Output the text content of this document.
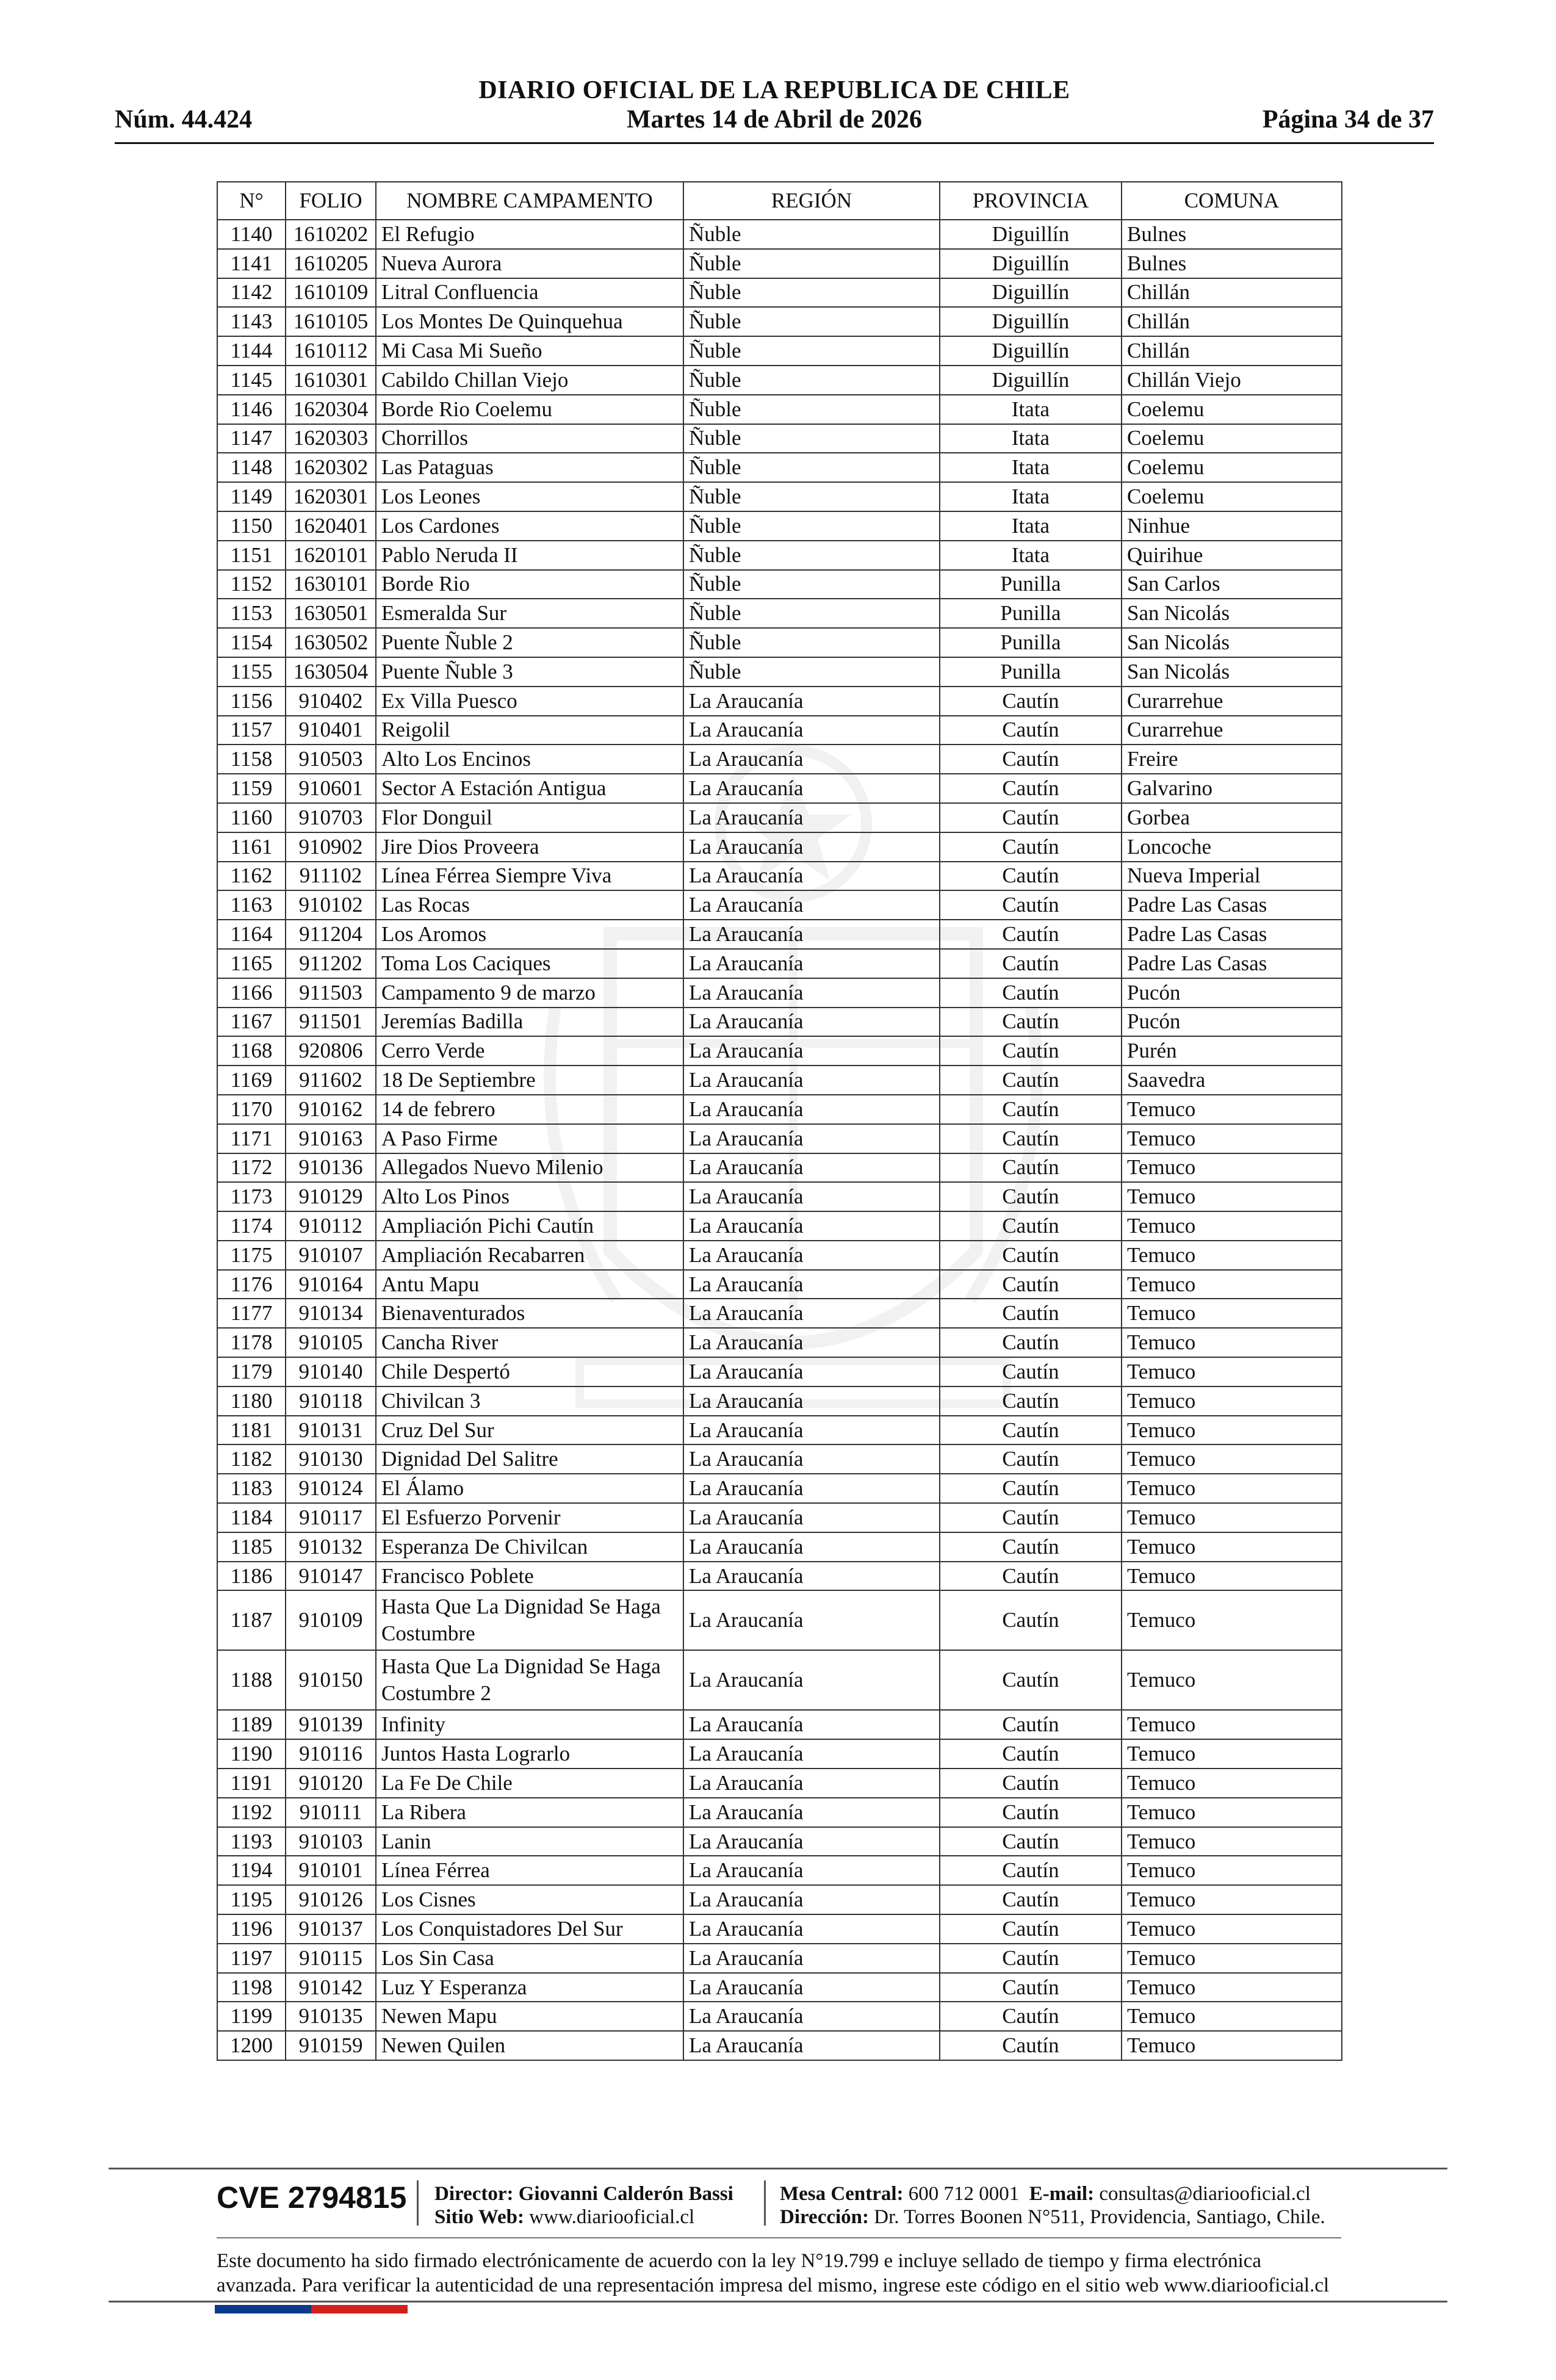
DIARIO OFICIAL DE LA REPUBLICA DE CHILE
Núm. 44.424	Martes 14 de Abril de 2026	Página 34 de 37
N°	FOLIO	NOMBRE CAMPAMENTO	REGIÓN	PROVINCIA	COMUNA
1140	1610202	El Refugio	Ñuble	Diguillín	Bulnes
1141	1610205	Nueva Aurora	Ñuble	Diguillín	Bulnes
1142	1610109	Litral Confluencia	Ñuble	Diguillín	Chillán
1143	1610105	Los Montes De Quinquehua	Ñuble	Diguillín	Chillán
1144	1610112	Mi Casa Mi Sueño	Ñuble	Diguillín	Chillán
1145	1610301	Cabildo Chillan Viejo	Ñuble	Diguillín	Chillán Viejo
1146	1620304	Borde Rio Coelemu	Ñuble	Itata	Coelemu
1147	1620303	Chorrillos	Ñuble	Itata	Coelemu
1148	1620302	Las Pataguas	Ñuble	Itata	Coelemu
1149	1620301	Los Leones	Ñuble	Itata	Coelemu
1150	1620401	Los Cardones	Ñuble	Itata	Ninhue
1151	1620101	Pablo Neruda II	Ñuble	Itata	Quirihue
1152	1630101	Borde Rio	Ñuble	Punilla	San Carlos
1153	1630501	Esmeralda Sur	Ñuble	Punilla	San Nicolás
1154	1630502	Puente Ñuble 2	Ñuble	Punilla	San Nicolás
1155	1630504	Puente Ñuble 3	Ñuble	Punilla	San Nicolás
1156	910402	Ex Villa Puesco	La Araucanía	Cautín	Curarrehue
1157	910401	Reigolil	La Araucanía	Cautín	Curarrehue
1158	910503	Alto Los Encinos	La Araucanía	Cautín	Freire
1159	910601	Sector A Estación Antigua	La Araucanía	Cautín	Galvarino
1160	910703	Flor Donguil	La Araucanía	Cautín	Gorbea
1161	910902	Jire Dios Proveera	La Araucanía	Cautín	Loncoche
1162	911102	Línea Férrea Siempre Viva	La Araucanía	Cautín	Nueva Imperial
1163	910102	Las Rocas	La Araucanía	Cautín	Padre Las Casas
1164	911204	Los Aromos	La Araucanía	Cautín	Padre Las Casas
1165	911202	Toma Los Caciques	La Araucanía	Cautín	Padre Las Casas
1166	911503	Campamento 9 de marzo	La Araucanía	Cautín	Pucón
1167	911501	Jeremías Badilla	La Araucanía	Cautín	Pucón
1168	920806	Cerro Verde	La Araucanía	Cautín	Purén
1169	911602	18 De Septiembre	La Araucanía	Cautín	Saavedra
1170	910162	14 de febrero	La Araucanía	Cautín	Temuco
1171	910163	A Paso Firme	La Araucanía	Cautín	Temuco
1172	910136	Allegados Nuevo Milenio	La Araucanía	Cautín	Temuco
1173	910129	Alto Los Pinos	La Araucanía	Cautín	Temuco
1174	910112	Ampliación Pichi Cautín	La Araucanía	Cautín	Temuco
1175	910107	Ampliación Recabarren	La Araucanía	Cautín	Temuco
1176	910164	Antu Mapu	La Araucanía	Cautín	Temuco
1177	910134	Bienaventurados	La Araucanía	Cautín	Temuco
1178	910105	Cancha River	La Araucanía	Cautín	Temuco
1179	910140	Chile Despertó	La Araucanía	Cautín	Temuco
1180	910118	Chivilcan 3	La Araucanía	Cautín	Temuco
1181	910131	Cruz Del Sur	La Araucanía	Cautín	Temuco
1182	910130	Dignidad Del Salitre	La Araucanía	Cautín	Temuco
1183	910124	El Álamo	La Araucanía	Cautín	Temuco
1184	910117	El Esfuerzo Porvenir	La Araucanía	Cautín	Temuco
1185	910132	Esperanza De Chivilcan	La Araucanía	Cautín	Temuco
1186	910147	Francisco Poblete	La Araucanía	Cautín	Temuco
1187	910109	Hasta Que La Dignidad Se Haga Costumbre	La Araucanía	Cautín	Temuco
1188	910150	Hasta Que La Dignidad Se Haga Costumbre 2	La Araucanía	Cautín	Temuco
1189	910139	Infinity	La Araucanía	Cautín	Temuco
1190	910116	Juntos Hasta Lograrlo	La Araucanía	Cautín	Temuco
1191	910120	La Fe De Chile	La Araucanía	Cautín	Temuco
1192	910111	La Ribera	La Araucanía	Cautín	Temuco
1193	910103	Lanin	La Araucanía	Cautín	Temuco
1194	910101	Línea Férrea	La Araucanía	Cautín	Temuco
1195	910126	Los Cisnes	La Araucanía	Cautín	Temuco
1196	910137	Los Conquistadores Del Sur	La Araucanía	Cautín	Temuco
1197	910115	Los Sin Casa	La Araucanía	Cautín	Temuco
1198	910142	Luz Y Esperanza	La Araucanía	Cautín	Temuco
1199	910135	Newen Mapu	La Araucanía	Cautín	Temuco
1200	910159	Newen Quilen	La Araucanía	Cautín	Temuco
CVE 2794815 Director: Giovanni Calderón Bassi
Sitio Web: www.diariooficial.cl
Mesa Central: 600 712 0001 E-mail: consultas@diariooficial.cl
Dirección: Dr. Torres Boonen N°511, Providencia, Santiago, Chile.
Este documento ha sido firmado electrónicamente de acuerdo con la ley N°19.799 e incluye sellado de tiempo y firma electrónica avanzada. Para verificar la autenticidad de una representación impresa del mismo, ingrese este código en el sitio web www.diariooficial.cl
